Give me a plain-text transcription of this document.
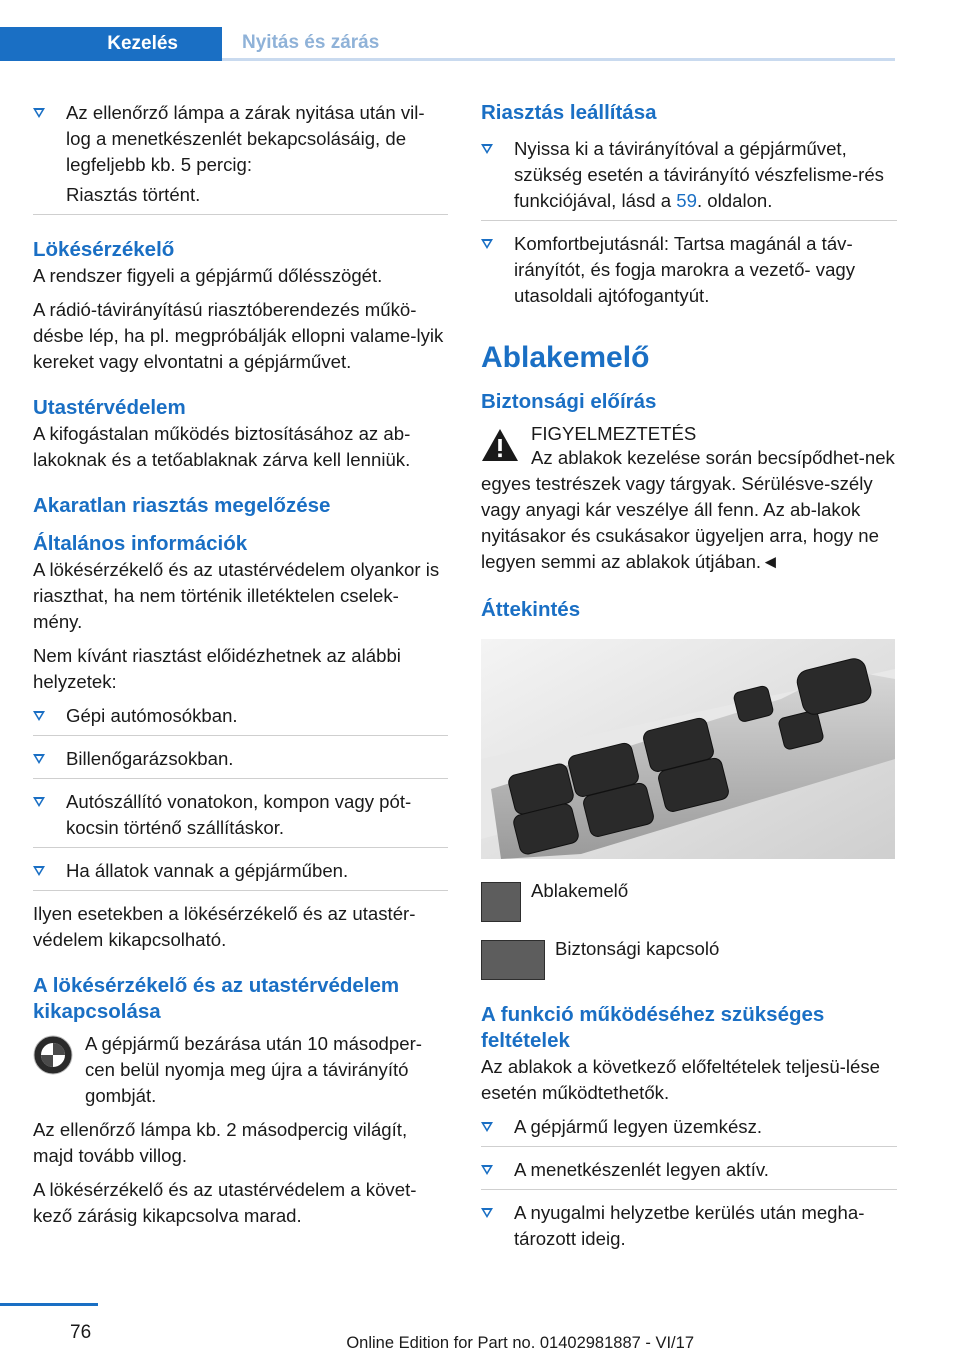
Kezelés	Nyitás és zárás
Az ellenőrző lámpa a zárak nyitása után vil-log a menetkészenlét bekapcsolásáig, de legfeljebb kb. 5 percig:

Riasztás történt.

Lökésérzékelő

A rendszer figyeli a gépjármű dőlésszögét.

A rádió-távirányítású riasztóberendezés műkö-désbe lép, ha pl. megpróbálják ellopni valame-lyik kereket vagy elvontatni a gépjárművet.

Utastérvédelem

A kifogástalan működés biztosításához az ab-lakoknak és a tetőablaknak zárva kell lenniük.

Akaratlan riasztás megelőzése
Általános információk

A lökésérzékelő és az utastérvédelem olyankor is riaszthat, ha nem történik illetéktelen cselek-mény.

Nem kívánt riasztást előidézhetnek az alábbi helyzetek:

Gépi autómosókban.
Billenőgarázsokban.
Autószállító vonatokon, kompon vagy pót-kocsin történő szállításkor.
Ha állatok vannak a gépjárműben.

Ilyen esetekben a lökésérzékelő és az utastér-védelem kikapcsolható.

A lökésérzékelő és az utastérvédelem kikapcsolása
A gépjármű bezárása után 10 másodper-cen belül nyomja meg újra a távirányító gombját.

Az ellenőrző lámpa kb. 2 másodpercig világít, majd tovább villog.

A lökésérzékelő és az utastérvédelem a követ-kező zárásig kikapcsolva marad.

Riasztás leállítása
Nyissa ki a távirányítóval a gépjárművet, szükség esetén a távirányító vészfelisme-rés funkciójával, lásd a 59. oldalon.
Komfortbejutásnál: Tartsa magánál a táv-irányítót, és fogja marokra a vezető- vagy utasoldali ajtófogantyút.
Ablakemelő
Biztonsági előírás
FIGYELMEZTETÉS
Az ablakok kezelése során becsípődhet-nek egyes testrészek vagy tárgyak. Sérülésve-szély vagy anyagi kár veszélye áll fenn. Az ab-lakok nyitásakor és csukásakor ügyeljen arra, hogy ne legyen semmi az ablakok útjában.◄
Áttekintés
Ablakemelő
Biztonsági kapcsoló
A funkció működéséhez szükséges feltételek

Az ablakok a következő előfeltételek teljesü-lése esetén működtethetők.

A gépjármű legyen üzemkész.
A menetkészenlét legyen aktív.
A nyugalmi helyzetbe kerülés után megha-tározott ideig.
76	Online Edition for Part no. 01402981887 - VI/17
